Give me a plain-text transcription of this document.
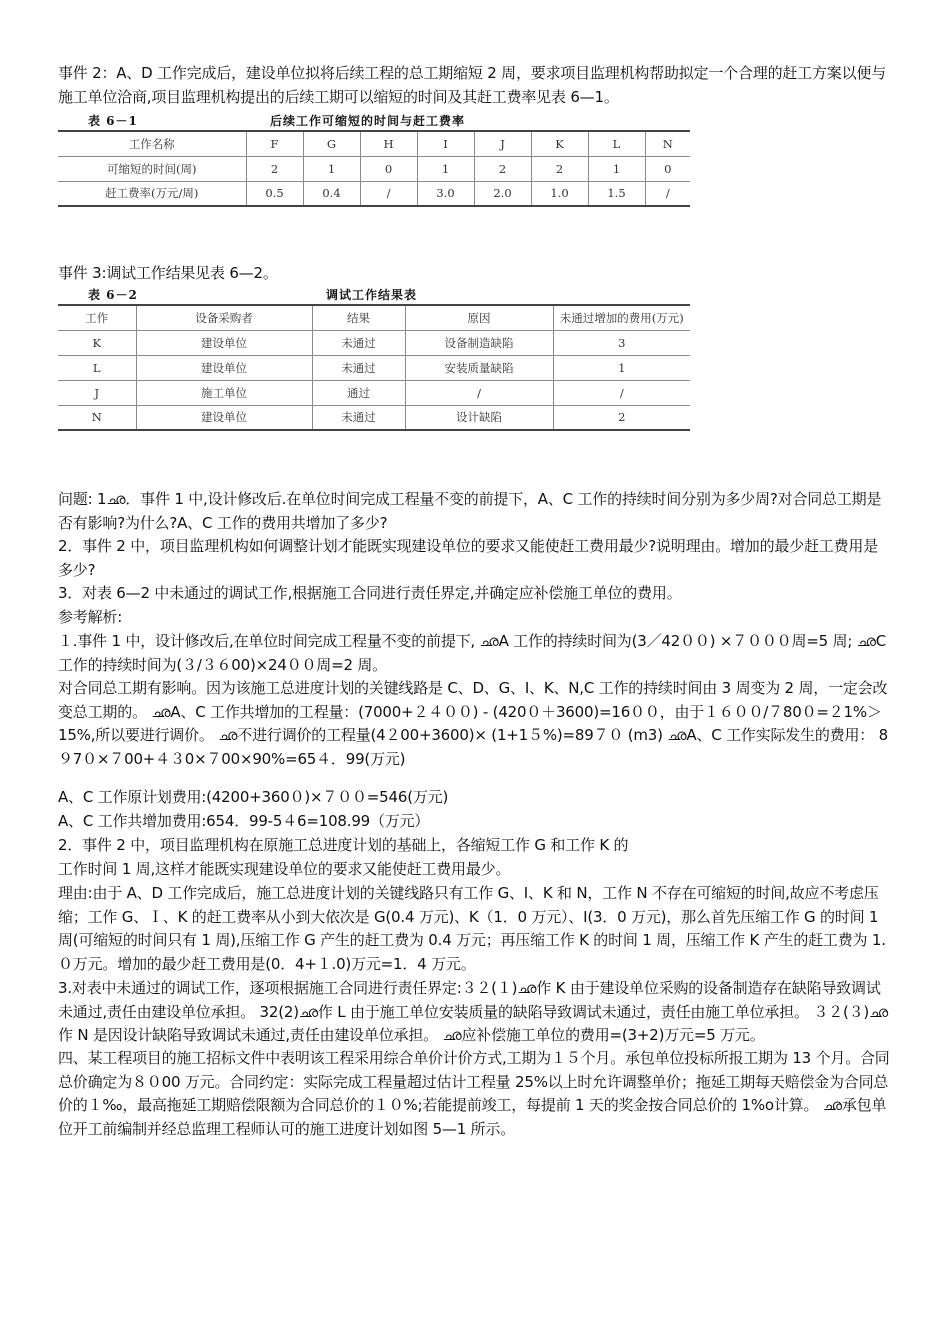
事件 2：A、D 工作完成后，建设单位拟将后续工程的总工期缩短 2 周，要求项目监理机构帮助拟定一个合理的赶工方案以便与施工单位洽商,项目监理机构提出的后续工期可以缩短的时间及其赶工费率见表 6—1。

表 6－1	后续工作可缩短的时间与赶工费率
工作名称	F	G	H	I	J	K	L	N
可缩短的时间(周)	2	1	0	1	2	2	1	0
赶工费率(万元/周)	0.5	0.4	/	3.0	2.0	1.0	1.5	/

事件 3:调试工作结果见表 6—2。

表 6－2	调试工作结果表
工作	设备采购者	结果	原因	未通过增加的费用(万元)
K	建设单位	未通过	设备制造缺陷	3
L	建设单位	未通过	安装质量缺陷	1
J	施工单位	通过	/	/
N	建设单位	未通过	设计缺陷	2

问题: 1ഛ．事件 1 中,设计修改后.在单位时间完成工程量不变的前提下，A、C 工作的持续时间分别为多少周?对合同总工期是否有影响?为什么?A、C 工作的费用共增加了多少?

2．事件 2 中，项目监理机构如何调整计划才能既实现建设单位的要求又能使赶工费用最少?说明理由。增加的最少赶工费用是多少?

3．对表 6—2 中未通过的调试工作,根据施工合同进行责任界定,并确定应补偿施工单位的费用。

参考解析:

１.事件 1 中，设计修改后,在单位时间完成工程量不变的前提下, ഛA 工作的持续时间为(3／42００) ×７０００周=5 周; ഛC 工作的持续时间为(３/３６00)×24００周=2 周。

对合同总工期有影响。因为该施工总进度计划的关键线路是 C、D、G、I、K、N,C 工作的持续时间由 3 周变为 2 周，一定会改变总工期的。 ഛA、C 工作共增加的工程量：(7000+２４００) - (420０＋3600)=16００，由于１６００/７80０=２1%＞15%,所以要进行调价。 ഛ不进行调价的工程量(4２00+3600)× (1+1５%)=89７０ (m3) ഛA、C 工作实际发生的费用： 8９7０×７00+４３0×７00×90%=65４．99(万元)

A、C 工作原计划费用:(4200+360０)×７００=546(万元)

A、C 工作共增加费用:654．99-5４6=108.99（万元）

2．事件 2 中，项目监理机构在原施工总进度计划的基础上，各缩短工作 G 和工作 K 的

工作时间 1 周,这样才能既实现建设单位的要求又能使赶工费用最少。

理由:由于 A、D 工作完成后，施工总进度计划的关键线路只有工作 G、I、K 和 N，工作 N 不存在可缩短的时间,故应不考虑压缩；工作 G、Ｉ、K 的赶工费率从小到大依次是 G(0.4 万元)、K（1．0 万元）、I(3．0 万元)，那么首先压缩工作 G 的时间 1 周(可缩短的时间只有 1 周),压缩工作 G 产生的赶工费为 0.4 万元；再压缩工作 K 的时间 1 周，压缩工作 K 产生的赶工费为 1.０万元。增加的最少赶工费用是(0．4+１.0)万元=1．4 万元。

3.对表中未通过的调试工作，逐项根据施工合同进行责任界定:３２(１)ഛ作 K 由于建设单位采购的设备制造存在缺陷导致调试未通过,责任由建设单位承担。 32(2)ഛ作 L 由于施工单位安装质量的缺陷导致调试未通过，责任由施工单位承担。 ３２(３)ഛ作 N 是因设计缺陷导致调试未通过,责任由建设单位承担。 ഛ应补偿施工单位的费用=(3+2)万元=5 万元。

四、某工程项目的施工招标文件中表明该工程采用综合单价计价方式,工期为１５个月。承包单位投标所报工期为 13 个月。合同总价确定为８０00 万元。合同约定：实际完成工程量超过估计工程量 25%以上时允许调整单价；拖延工期每天赔偿金为合同总价的１‰，最高拖延工期赔偿限额为合同总价的１０%;若能提前竣工，每提前 1 天的奖金按合同总价的 1%o计算。 ഛ承包单位开工前编制并经总监理工程师认可的施工进度计划如图 5—1 所示。
